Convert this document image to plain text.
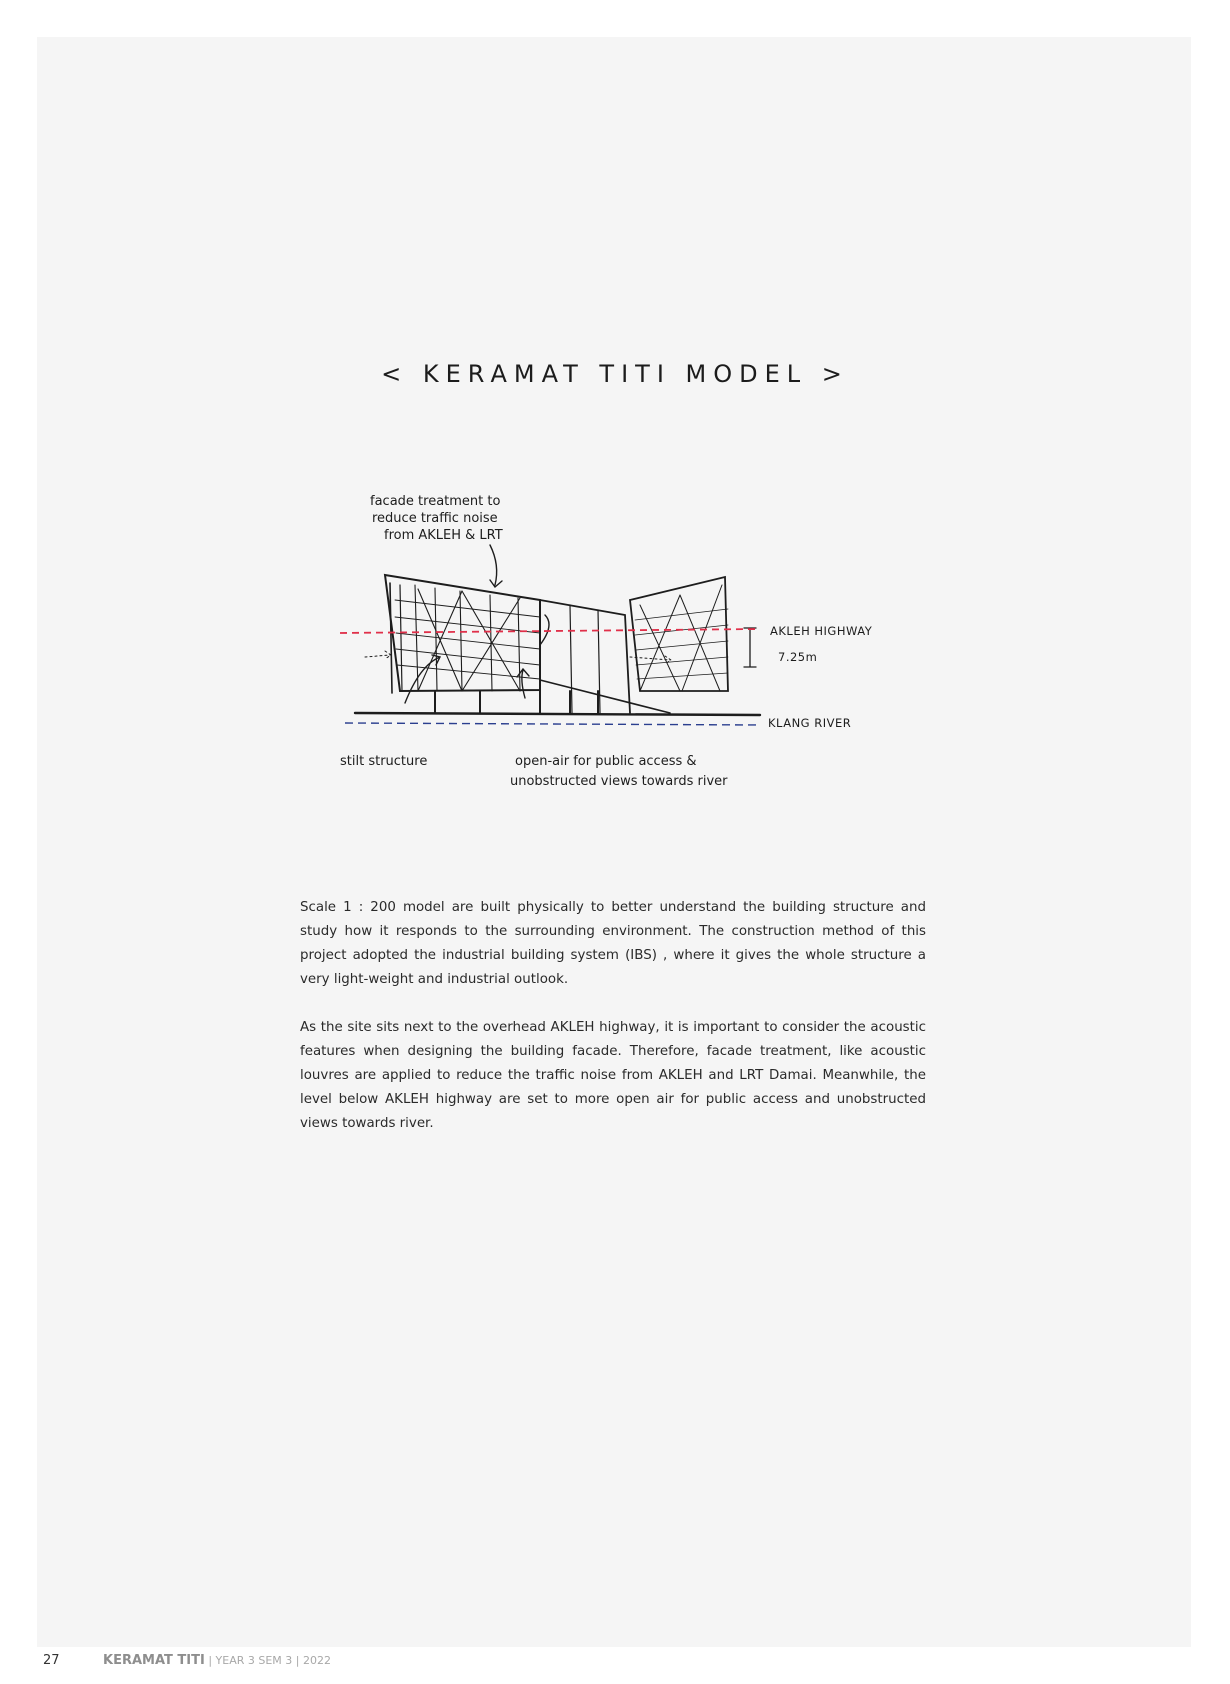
< KERAMAT TITI MODEL >
facade treatment to
reduce traffic noise
from AKLEH & LRT
AKLEH HIGHWAY
7.25m
KLANG RIVER
stilt structure	open-air for public access &
unobstructed views towards river

Scale 1 : 200 model are built physically to better understand the building structure and study how it responds to the surrounding environment. The construction method of this project adopted the industrial building system (IBS) , where it gives the whole structure a very light-weight and industrial outlook.

As the site sits next to the overhead AKLEH highway, it is important to consider the acoustic features when designing the building facade. Therefore, facade treatment, like acoustic louvres are applied to reduce the traffic noise from AKLEH and LRT Damai. Meanwhile, the level below AKLEH highway are set to more open air for public access and unobstructed views towards river.

27	KERAMAT TITI | YEAR 3 SEM 3 | 2022
